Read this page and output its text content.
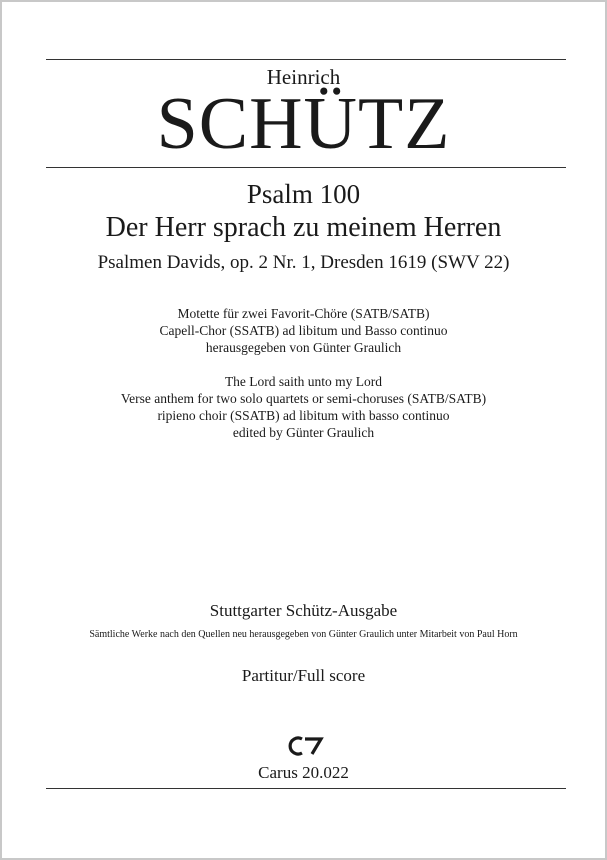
Heinrich
SCHÜTZ
Psalm 100
Der Herr sprach zu meinem Herren
Psalmen Davids, op. 2 Nr. 1, Dresden 1619 (SWV 22)
Motette für zwei Favorit-Chöre (SATB/SATB)
Capell-Chor (SSATB) ad libitum und Basso continuo
herausgegeben von Günter Graulich
The Lord saith unto my Lord
Verse anthem for two solo quartets or semi-choruses (SATB/SATB)
ripieno choir (SSATB) ad libitum with basso continuo
edited by Günter Graulich
Stuttgarter Schütz-Ausgabe
Sämtliche Werke nach den Quellen neu herausgegeben von Günter Graulich unter Mitarbeit von Paul Horn
Partitur/Full score
Carus 20.022
